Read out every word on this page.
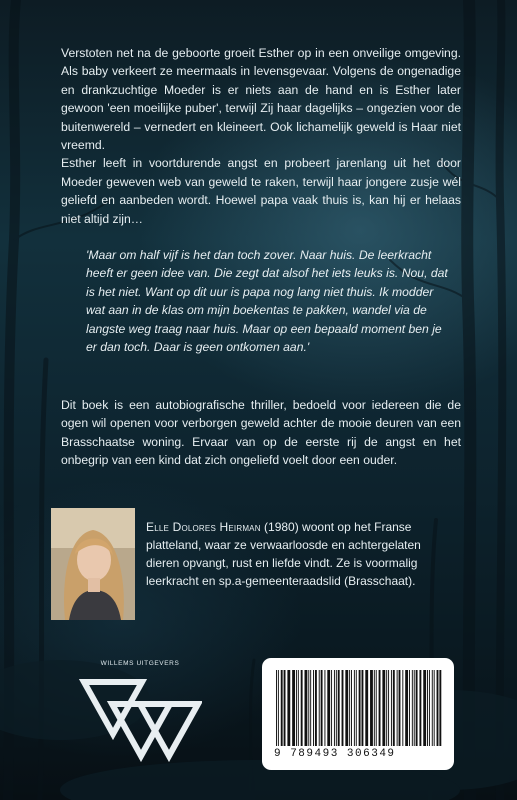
Verstoten net na de geboorte groeit Esther op in een onveilige omgeving. Als baby verkeert ze meermaals in levensgevaar. Volgens de ongenadige en drankzuchtige Moeder is er niets aan de hand en is Esther later gewoon 'een moeilijke puber', terwijl Zij haar dagelijks – ongezien voor de buitenwereld – vernedert en kleineert. Ook lichamelijk geweld is Haar niet vreemd.

Esther leeft in voortdurende angst en probeert jarenlang uit het door Moeder geweven web van geweld te raken, terwijl haar jongere zusje wél geliefd en aanbeden wordt. Hoewel papa vaak thuis is, kan hij er helaas niet altijd zijn…

'Maar om half vijf is het dan toch zover. Naar huis. De leerkracht heeft er geen idee van. Die zegt dat alsof het iets leuks is. Nou, dat is het niet. Want op dit uur is papa nog lang niet thuis. Ik modder wat aan in de klas om mijn boekentas te pakken, wandel via de langste weg traag naar huis. Maar op een bepaald moment ben je er dan toch. Daar is geen ontkomen aan.'
Dit boek is een autobiografische thriller, bedoeld voor iedereen die de ogen wil openen voor verborgen geweld achter de mooie deuren van een Brasschaatse woning. Ervaar van op de eerste rij de angst en het onbegrip van een kind dat zich ongeliefd voelt door een ouder.
Elle Dolores Heirman (1980) woont op het Franse platteland, waar ze verwaarloosde en achtergelaten dieren opvangt, rust en liefde vindt. Ze is voormalig leerkracht en sp.a-gemeenteraadslid (Brasschaat).
WILLEMS UITGEVERS
9 789493 306349
